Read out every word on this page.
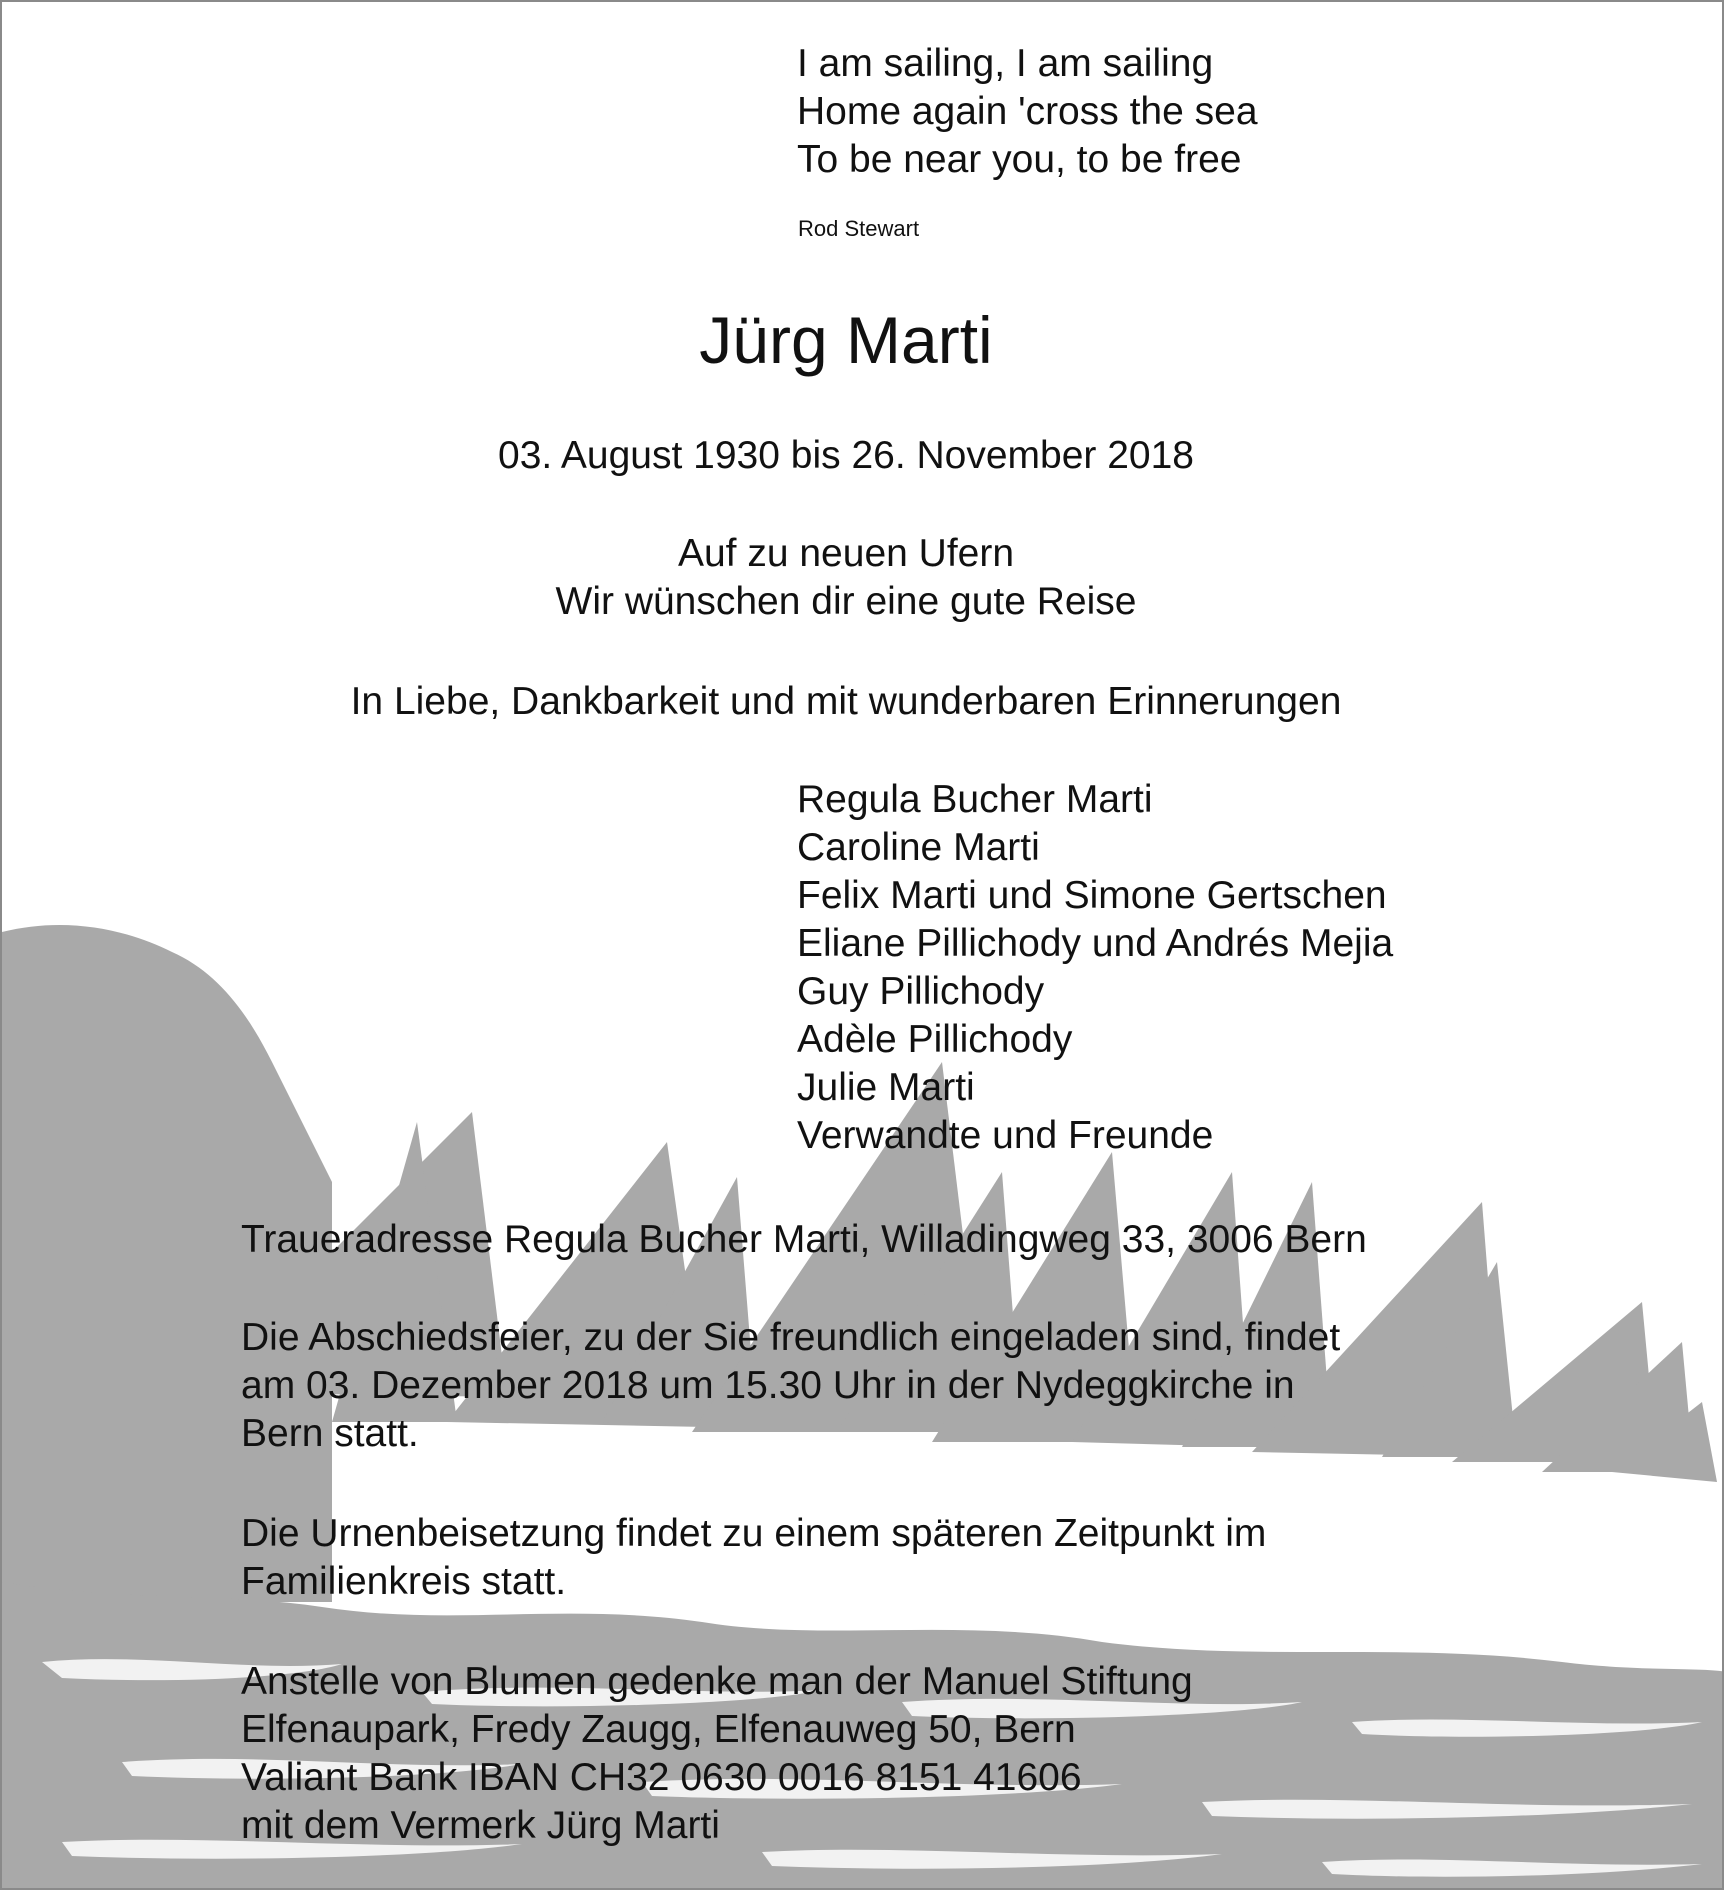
I am sailing, I am sailing
Home again 'cross the sea
To be near you, to be free
Rod Stewart
Jürg Marti
03. August 1930 bis 26. November 2018
Auf zu neuen Ufern
Wir wünschen dir eine gute Reise
In Liebe, Dankbarkeit und mit wunderbaren Erinnerungen
Regula Bucher Marti
Caroline Marti
Felix Marti und Simone Gertschen
Eliane Pillichody und Andrés Mejia
Guy Pillichody
Adèle Pillichody
Julie Marti
Verwandte und Freunde
Traueradresse Regula Bucher Marti, Willadingweg 33, 3006 Bern
Die Abschiedsfeier, zu der Sie freundlich eingeladen sind, findet
am 03. Dezember 2018 um 15.30 Uhr in der Nydeggkirche in
Bern statt.
Die Urnenbeisetzung findet zu einem späteren Zeitpunkt im
Familienkreis statt.
Anstelle von Blumen gedenke man der Manuel Stiftung
Elfenaupark, Fredy Zaugg, Elfenauweg 50, Bern
Valiant Bank IBAN CH32 0630 0016 8151 41606
mit dem Vermerk Jürg Marti
